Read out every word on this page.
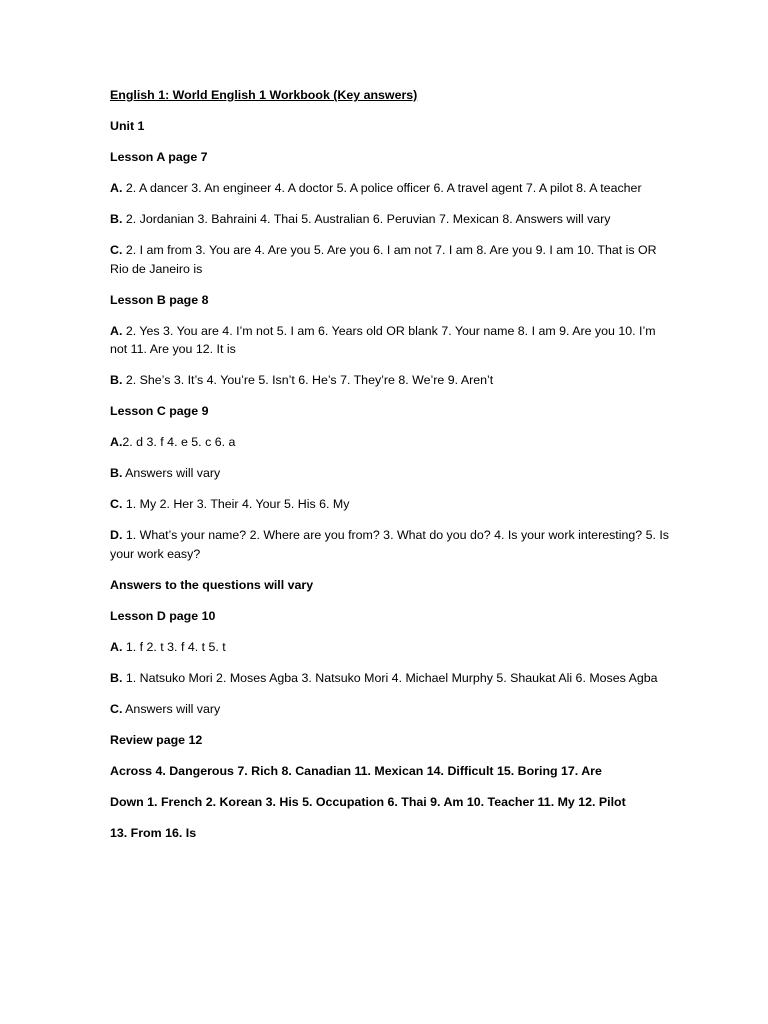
English 1: World English 1 Workbook (Key answers)

Unit 1

Lesson A page 7

A. 2. A dancer 3. An engineer 4. A doctor 5. A police officer 6. A travel agent 7. A pilot 8. A teacher

B. 2. Jordanian 3. Bahraini 4. Thai 5. Australian 6. Peruvian 7. Mexican 8. Answers will vary

C. 2. I am from 3. You are 4. Are you 5. Are you 6. I am not 7. I am 8. Are you 9. I am 10. That is OR Rio de Janeiro is

Lesson B page 8

A. 2. Yes 3. You are 4. I’m not 5. I am 6. Years old OR blank 7. Your name 8. I am 9. Are you 10. I’m not 11. Are you 12. It is

B. 2. She’s 3. It’s 4. You’re 5. Isn’t 6. He’s 7. They’re 8. We’re 9. Aren’t

Lesson C page 9

A.2. d 3. f 4. e 5. c 6. a

B. Answers will vary

C. 1. My 2. Her 3. Their 4. Your 5. His 6. My

D. 1. What’s your name? 2. Where are you from? 3. What do you do? 4. Is your work interesting? 5. Is your work easy?

Answers to the questions will vary

Lesson D page 10

A. 1. f 2. t 3. f 4. t 5. t

B. 1. Natsuko Mori 2. Moses Agba 3. Natsuko Mori 4. Michael Murphy 5. Shaukat Ali 6. Moses Agba

C. Answers will vary

Review page 12

Across 4. Dangerous 7. Rich 8. Canadian 11. Mexican 14. Difficult 15. Boring 17. Are

Down 1. French 2. Korean 3. His 5. Occupation 6. Thai 9. Am 10. Teacher 11. My 12. Pilot

13. From 16. Is
